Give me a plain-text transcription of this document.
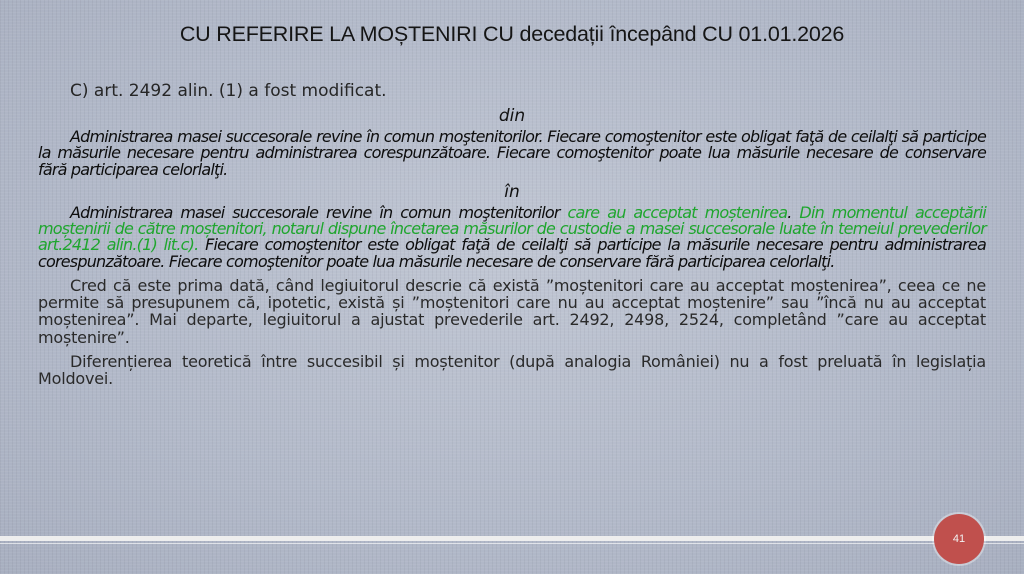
CU REFERIRE LA MOȘTENIRI CU decedații începând CU 01.01.2026

C) art. 2492 alin. (1) a fost modificat.

din

Administrarea masei succesorale revine în comun moştenitorilor. Fiecare comoştenitor este obligat faţă de ceilalţi să participe la măsurile necesare pentru administrarea corespunzătoare. Fiecare comoştenitor poate lua măsurile necesare de conservare fără participarea celorlalţi.

în

Administrarea masei succesorale revine în comun moştenitorilor care au acceptat moștenirea. Din momentul acceptării moștenirii de către moștenitori, notarul dispune încetarea măsurilor de custodie a masei succesorale luate în temeiul prevederilor art.2412 alin.(1) lit.c). Fiecare comoştenitor este obligat faţă de ceilalţi să participe la măsurile necesare pentru administrarea corespunzătoare. Fiecare comoştenitor poate lua măsurile necesare de conservare fără participarea celorlalţi.

Cred că este prima dată, când legiuitorul descrie că există ”moștenitori care au acceptat moștenirea”, ceea ce ne permite să presupunem că, ipotetic, există și ”moștenitori care nu au acceptat moștenire” sau ”încă nu au acceptat moștenirea”. Mai departe, legiuitorul a ajustat prevederile art. 2492, 2498, 2524, completând ”care au acceptat moștenire”.

Diferențierea teoretică între succesibil și moștenitor (după analogia României) nu a fost preluată în legislația Moldovei.

41
